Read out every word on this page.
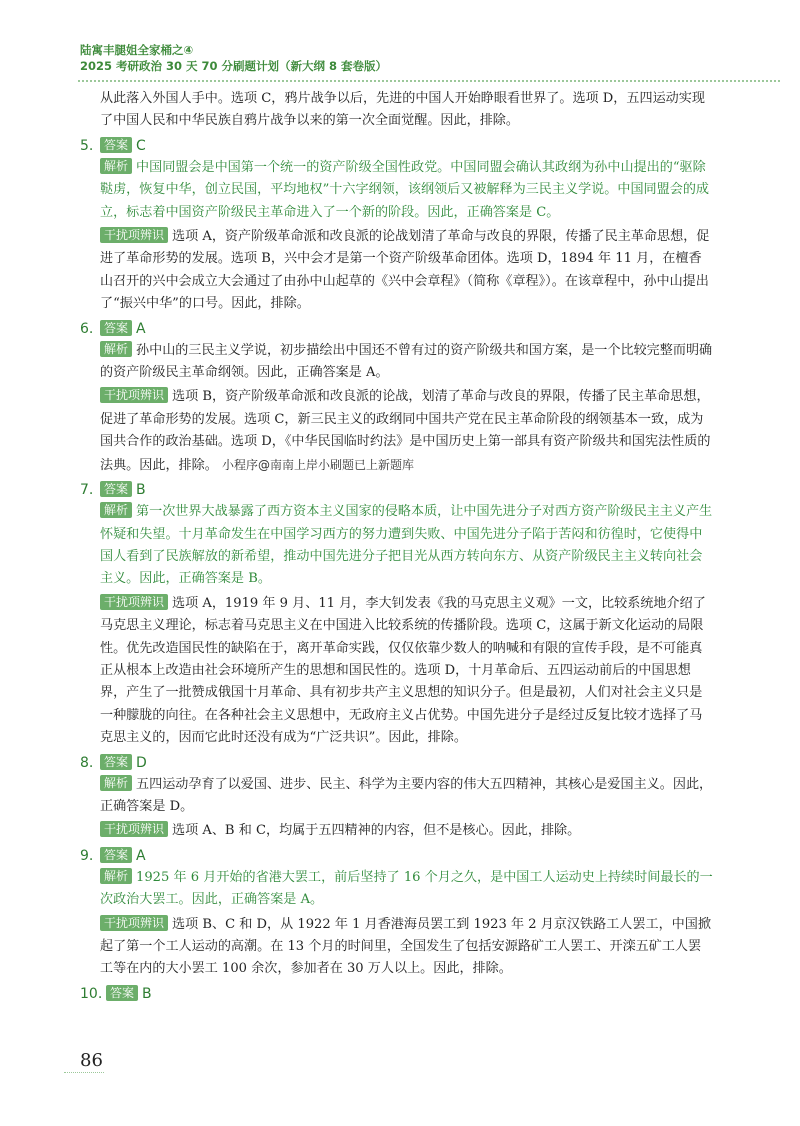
陆寓丰腿姐全家桶之④
2025 考研政治 30 天 70 分刷题计划（新大纲 8 套卷版）

从此落入外国人手中。选项 C，鸦片战争以后，先进的中国人开始睁眼看世界了。选项 D，五四运动实现了中国人民和中华民族自鸦片战争以来的第一次全面觉醒。因此，排除。

5. 答案 C

解析 中国同盟会是中国第一个统一的资产阶级全国性政党。中国同盟会确认其政纲为孙中山提出的“驱除鞑虏，恢复中华，创立民国，平均地权”十六字纲领，该纲领后又被解释为三民主义学说。中国同盟会的成立，标志着中国资产阶级民主革命进入了一个新的阶段。因此，正确答案是 C。

干扰项辨识 选项 A，资产阶级革命派和改良派的论战划清了革命与改良的界限，传播了民主革命思想，促进了革命形势的发展。选项 B，兴中会才是第一个资产阶级革命团体。选项 D，1894 年 11 月，在檀香山召开的兴中会成立大会通过了由孙中山起草的《兴中会章程》（简称《章程》）。在该章程中，孙中山提出了“振兴中华”的口号。因此，排除。

6. 答案 A

解析 孙中山的三民主义学说，初步描绘出中国还不曾有过的资产阶级共和国方案，是一个比较完整而明确的资产阶级民主革命纲领。因此，正确答案是 A。

干扰项辨识 选项 B，资产阶级革命派和改良派的论战，划清了革命与改良的界限，传播了民主革命思想，促进了革命形势的发展。选项 C，新三民主义的政纲同中国共产党在民主革命阶段的纲领基本一致，成为国共合作的政治基础。选项 D，《中华民国临时约法》是中国历史上第一部具有资产阶级共和国宪法性质的法典。因此，排除。 小程序@南南上岸小刷题已上新题库

7. 答案 B

解析 第一次世界大战暴露了西方资本主义国家的侵略本质，让中国先进分子对西方资产阶级民主主义产生怀疑和失望。十月革命发生在中国学习西方的努力遭到失败、中国先进分子陷于苦闷和彷徨时，它使得中国人看到了民族解放的新希望，推动中国先进分子把目光从西方转向东方、从资产阶级民主主义转向社会主义。因此，正确答案是 B。

干扰项辨识 选项 A，1919 年 9 月、11 月，李大钊发表《我的马克思主义观》一文，比较系统地介绍了马克思主义理论，标志着马克思主义在中国进入比较系统的传播阶段。选项 C，这属于新文化运动的局限性。优先改造国民性的缺陷在于，离开革命实践，仅仅依靠少数人的呐喊和有限的宣传手段，是不可能真正从根本上改造由社会环境所产生的思想和国民性的。选项 D，十月革命后、五四运动前后的中国思想界，产生了一批赞成俄国十月革命、具有初步共产主义思想的知识分子。但是最初，人们对社会主义只是一种朦胧的向往。在各种社会主义思想中，无政府主义占优势。中国先进分子是经过反复比较才选择了马克思主义的，因而它此时还没有成为“广泛共识”。因此，排除。

8. 答案 D

解析 五四运动孕育了以爱国、进步、民主、科学为主要内容的伟大五四精神，其核心是爱国主义。因此，正确答案是 D。

干扰项辨识 选项 A、B 和 C，均属于五四精神的内容，但不是核心。因此，排除。

9. 答案 A

解析 1925 年 6 月开始的省港大罢工，前后坚持了 16 个月之久，是中国工人运动史上持续时间最长的一次政治大罢工。因此，正确答案是 A。

干扰项辨识 选项 B、C 和 D，从 1922 年 1 月香港海员罢工到 1923 年 2 月京汉铁路工人罢工，中国掀起了第一个工人运动的高潮。在 13 个月的时间里，全国发生了包括安源路矿工人罢工、开滦五矿工人罢工等在内的大小罢工 100 余次，参加者在 30 万人以上。因此，排除。

10. 答案 B
86
